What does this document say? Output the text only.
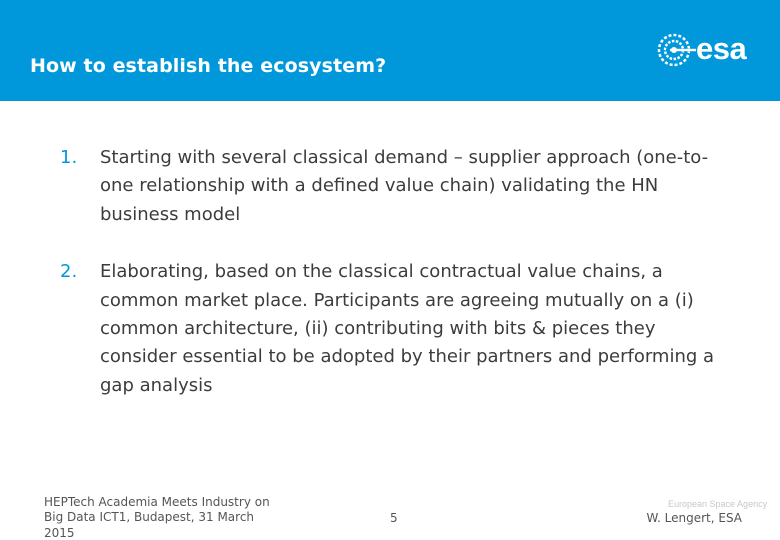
How to establish the ecosystem?	esa
1. Starting with several classical demand – supplier approach (one-to-one relationship with a defined value chain) validating the HN business model
2. Elaborating, based on the classical contractual value chains, a common market place. Participants are agreeing mutually on a (i) common architecture, (ii) contributing with bits & pieces they consider essential to be adopted by their partners and performing a gap analysis
HEPTech Academia Meets Industry on Big Data ICT1, Budapest, 31 March 2015
5
European Space Agency
W. Lengert, ESA
